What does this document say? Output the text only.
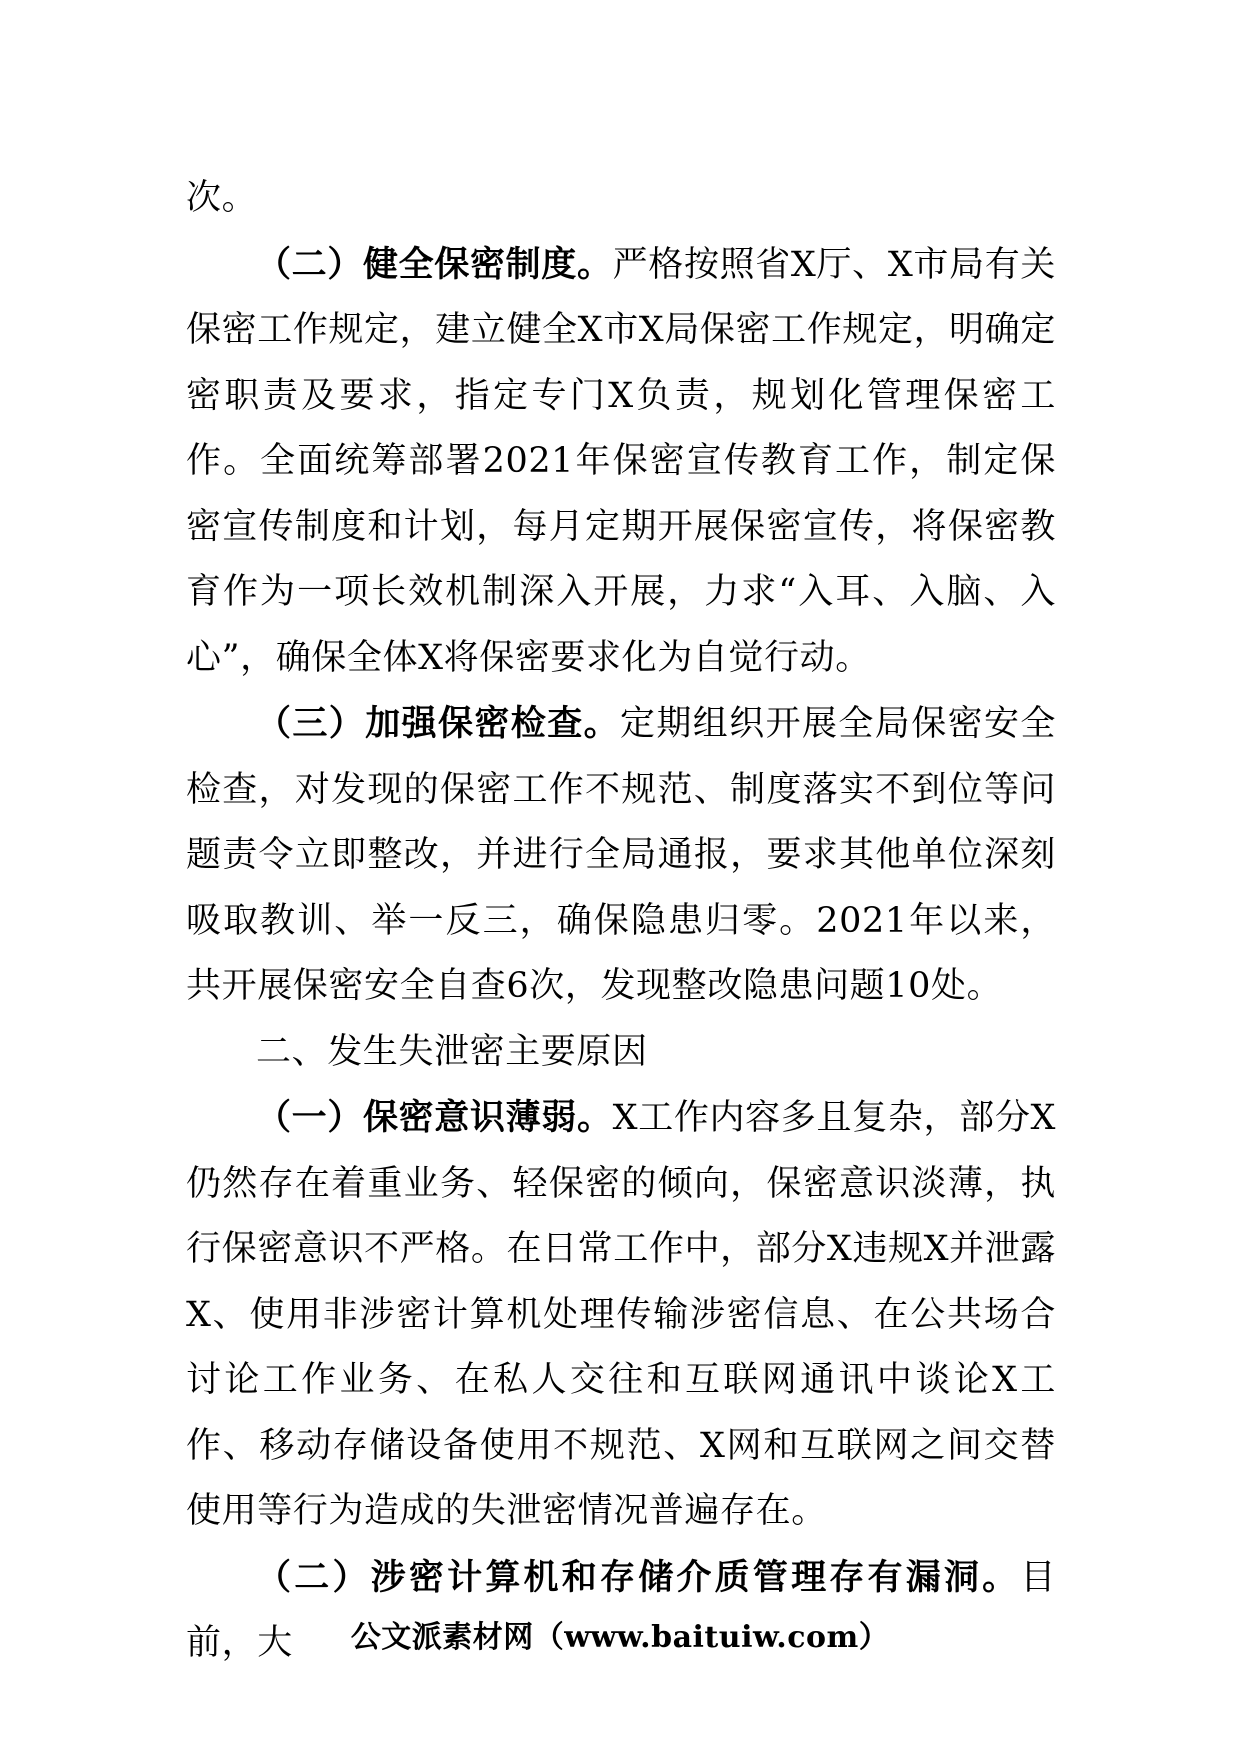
次。

（二）健全保密制度。严格按照省X厅、X市局有关保密工作规定，建立健全X市X局保密工作规定，明确定密职责及要求，指定专门X负责，规划化管理保密工作。全面统筹部署2021年保密宣传教育工作，制定保密宣传制度和计划，每月定期开展保密宣传，将保密教育作为一项长效机制深入开展，力求“入耳、入脑、入心”，确保全体X将保密要求化为自觉行动。

（三）加强保密检查。定期组织开展全局保密安全检查，对发现的保密工作不规范、制度落实不到位等问题责令立即整改，并进行全局通报，要求其他单位深刻吸取教训、举一反三，确保隐患归零。2021年以来，共开展保密安全自查6次，发现整改隐患问题10处。

二、发生失泄密主要原因

（一）保密意识薄弱。X工作内容多且复杂，部分X仍然存在着重业务、轻保密的倾向，保密意识淡薄，执行保密意识不严格。在日常工作中，部分X违规X并泄露X、使用非涉密计算机处理传输涉密信息、在公共场合讨论工作业务、在私人交往和互联网通讯中谈论X工作、移动存储设备使用不规范、X网和互联网之间交替使用等行为造成的失泄密情况普遍存在。

（二）涉密计算机和存储介质管理存有漏洞。目前，大	公文派素材网（www.baituiw.com）
